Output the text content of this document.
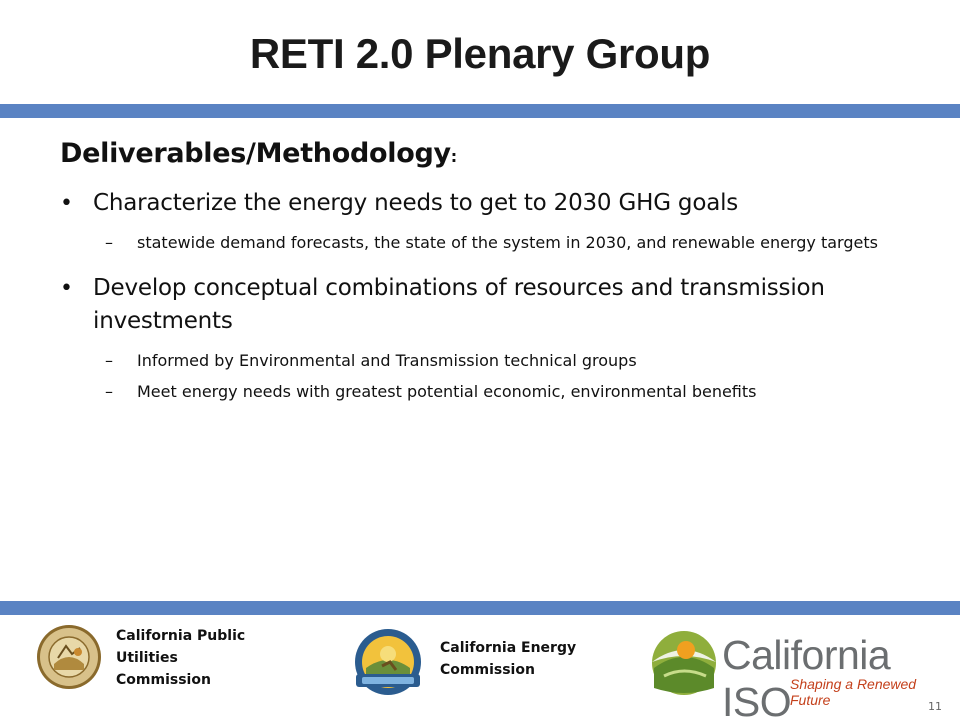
RETI 2.0 Plenary Group
Deliverables/Methodology:
• Characterize the energy needs to get to 2030 GHG goals
– statewide demand forecasts, the state of the system in 2030, and renewable energy targets
• Develop conceptual combinations of resources and transmission investments
– Informed by Environmental and Transmission technical groups
– Meet energy needs with greatest potential economic, environmental benefits
California Public Utilities Commission
California Energy Commission	California ISO
Shaping a Renewed Future	11
